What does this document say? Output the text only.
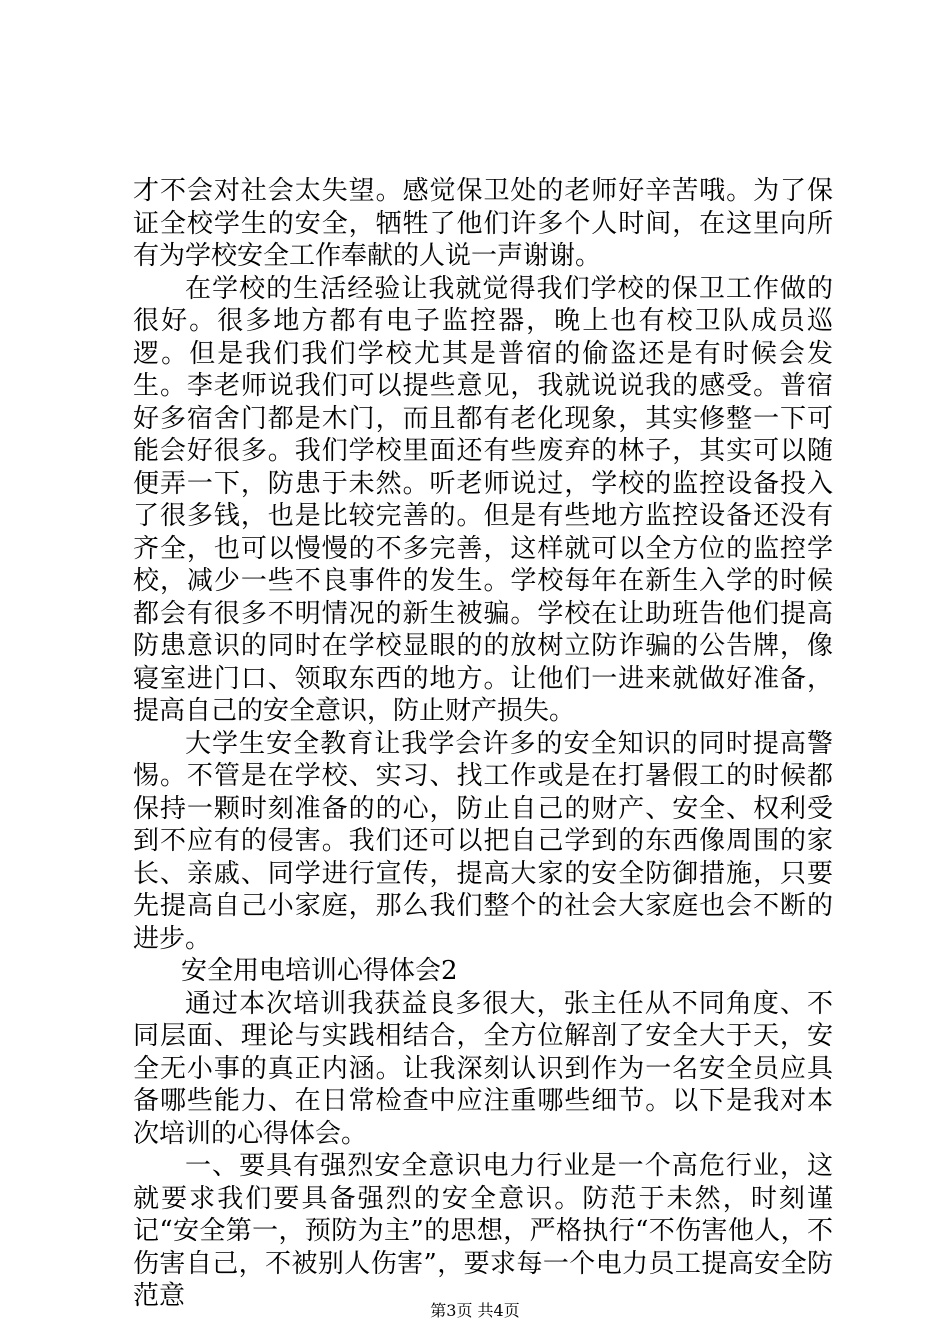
才不会对社会太失望。感觉保卫处的老师好辛苦哦。为了保证全校学生的安全，牺牲了他们许多个人时间，在这里向所有为学校安全工作奉献的人说一声谢谢。

在学校的生活经验让我就觉得我们学校的保卫工作做的很好。很多地方都有电子监控器，晚上也有校卫队成员巡逻。但是我们我们学校尤其是普宿的偷盗还是有时候会发生。李老师说我们可以提些意见，我就说说我的感受。普宿好多宿舍门都是木门，而且都有老化现象，其实修整一下可能会好很多。我们学校里面还有些废弃的林子，其实可以随便弄一下，防患于未然。听老师说过，学校的监控设备投入了很多钱，也是比较完善的。但是有些地方监控设备还没有齐全，也可以慢慢的不多完善，这样就可以全方位的监控学校，减少一些不良事件的发生。学校每年在新生入学的时候都会有很多不明情况的新生被骗。学校在让助班告他们提高防患意识的同时在学校显眼的的放树立防诈骗的公告牌，像寝室进门口、领取东西的地方。让他们一进来就做好准备，提高自己的安全意识，防止财产损失。

大学生安全教育让我学会许多的安全知识的同时提高警惕。不管是在学校、实习、找工作或是在打暑假工的时候都保持一颗时刻准备的的心，防止自己的财产、安全、权利受到不应有的侵害。我们还可以把自己学到的东西像周围的家长、亲戚、同学进行宣传，提高大家的安全防御措施，只要先提高自己小家庭，那么我们整个的社会大家庭也会不断的进步。

安全用电培训心得体会2

通过本次培训我获益良多很大，张主任从不同角度、不同层面、理论与实践相结合，全方位解剖了安全大于天，安全无小事的真正内涵。让我深刻认识到作为一名安全员应具备哪些能力、在日常检查中应注重哪些细节。以下是我对本次培训的心得体会。

一、要具有强烈安全意识电力行业是一个高危行业，这就要求我们要具备强烈的安全意识。防范于未然，时刻谨记“安全第一，预防为主”的思想，严格执行“不伤害他人，不伤害自己，不被别人伤害”，要求每一个电力员工提高安全防范意	第3页 共4页
